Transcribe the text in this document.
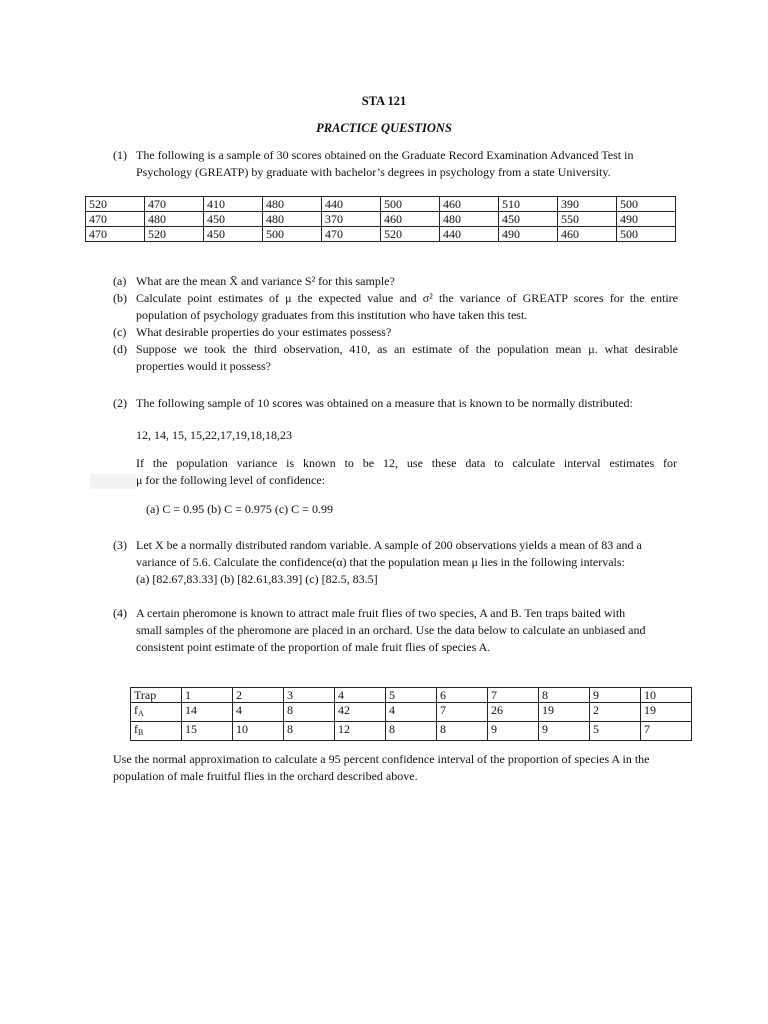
STA 121
PRACTICE QUESTIONS
(1) The following is a sample of 30 scores obtained on the Graduate Record Examination Advanced Test in
Psychology (GREATP) by graduate with bachelor’s degrees in psychology from a state University.
520	470	410	480	440	500	460	510	390	500
470	480	450	480	370	460	480	450	550	490
470	520	450	500	470	520	440	490	460	500
(a) What are the mean X̄ and variance S² for this sample?
(b) Calculate point estimates of μ the expected value and σ² the variance of GREATP scores for the entire
population of psychology graduates from this institution who have taken this test.
(c) What desirable properties do your estimates possess?
(d) Suppose we took the third observation, 410, as an estimate of the population mean μ. what desirable
properties would it possess?
(2) The following sample of 10 scores was obtained on a measure that is known to be normally distributed:
12, 14, 15, 15,22,17,19,18,18,23
If the population variance is known to be 12, use these data to calculate interval estimates for
μ for the following level of confidence:
(a) C = 0.95 (b) C = 0.975 (c) C = 0.99
(3) Let X be a normally distributed random variable. A sample of 200 observations yields a mean of 83 and a
variance of 5.6. Calculate the confidence(α) that the population mean μ lies in the following intervals:
(a) [82.67,83.33] (b) [82.61,83.39] (c) [82.5, 83.5]
(4) A certain pheromone is known to attract male fruit flies of two species, A and B. Ten traps baited with
small samples of the pheromone are placed in an orchard. Use the data below to calculate an unbiased and
consistent point estimate of the proportion of male fruit flies of species A.
Trap	1	2	3	4	5	6	7	8	9	10
$f_A$	14	4	8	42	4	7	26	19	2	19
$f_B$	15	10	8	12	8	8	9	9	5	7
Use the normal approximation to calculate a 95 percent confidence interval of the proportion of species A in the
population of male fruitful flies in the orchard described above.
